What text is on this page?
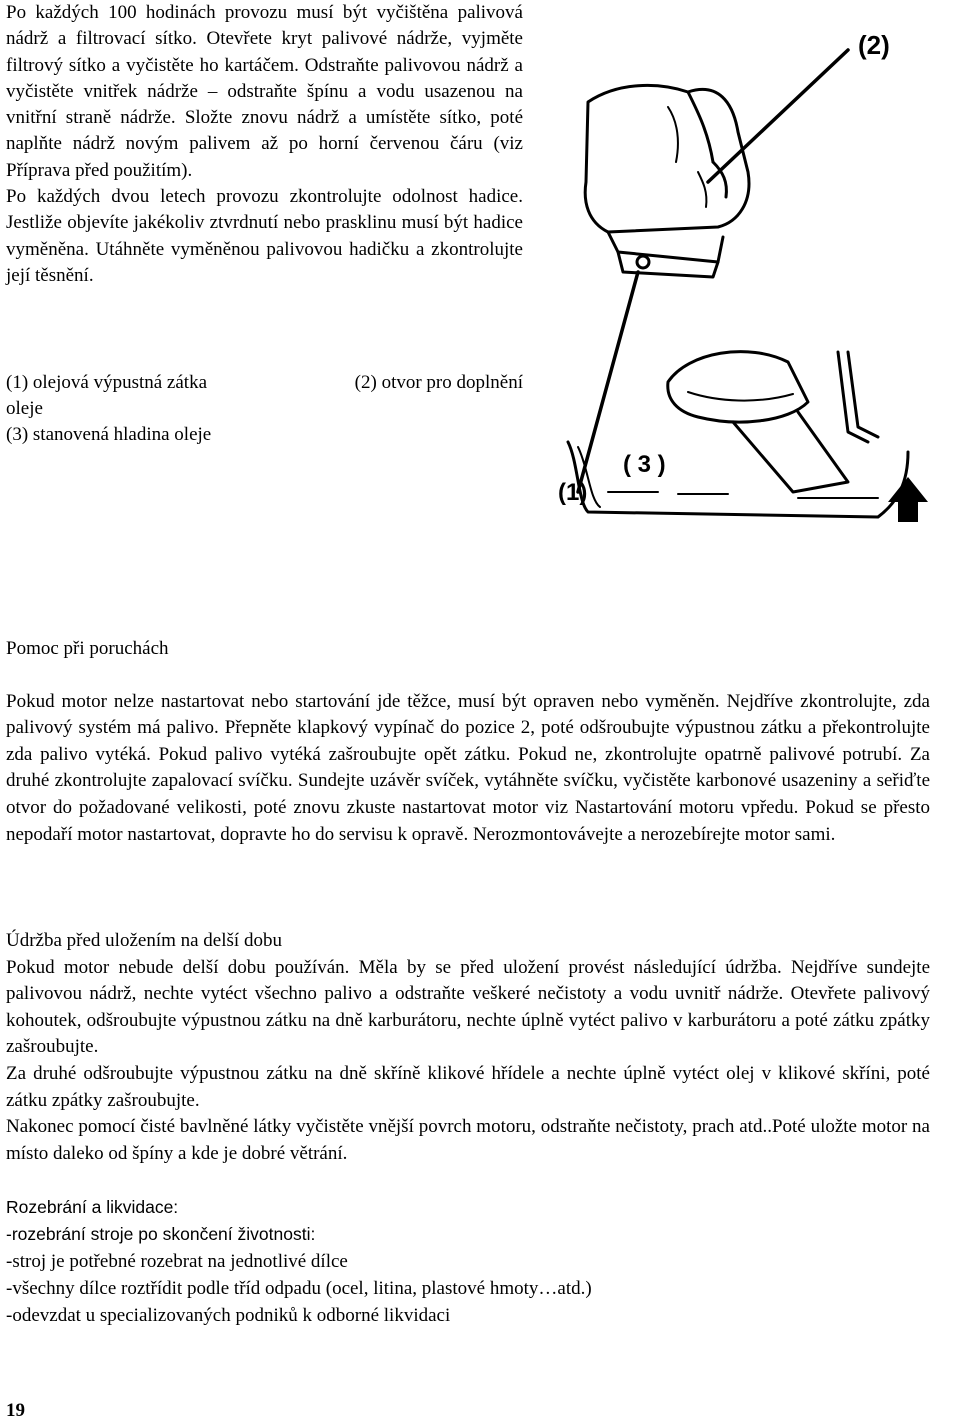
Po každých 100 hodinách provozu musí být vyčištěna palivová nádrž a filtrovací sítko. Otevřete kryt palivové nádrže, vyjměte filtrový sítko a vyčistěte ho kartáčem. Odstraňte palivovou nádrž a vyčistěte vnitřek nádrže – odstraňte špínu a vodu usazenou na vnitřní straně nádrže. Složte znovu nádrž a umístěte sítko, poté naplňte nádrž novým palivem až po horní červenou čáru (viz Příprava před použitím).

Po každých dvou letech provozu zkontrolujte odolnost hadice. Jestliže objevíte jakékoliv ztvrdnutí nebo prasklinu musí být hadice vyměněna. Utáhněte vyměněnou palivovou hadičku a zkontrolujte její těsnění.

(1) olejová výpustná zátka	(2) otvor pro doplnění
oleje
(3) stanovená hladina oleje
(2)
( 3 )
(1)

Pomoc při poruchách

Pokud motor nelze nastartovat nebo startování jde těžce, musí být opraven nebo vyměněn. Nejdříve zkontrolujte, zda palivový systém má palivo. Přepněte klapkový vypínač do pozice 2, poté odšroubujte výpustnou zátku a překontrolujte zda palivo vytéká. Pokud palivo vytéká zašroubujte opět zátku. Pokud ne, zkontrolujte opatrně palivové potrubí. Za druhé zkontrolujte zapalovací svíčku. Sundejte uzávěr svíček, vytáhněte svíčku, vyčistěte karbonové usazeniny a seřiďte otvor do požadované velikosti, poté znovu zkuste nastartovat motor viz Nastartování motoru vpředu. Pokud se přesto nepodaří motor nastartovat, dopravte ho do servisu k opravě. Nerozmontovávejte a nerozebírejte motor sami.

Údržba před uložením na delší dobu

Pokud motor nebude delší dobu používán. Měla by se před uložení provést následující údržba. Nejdříve sundejte palivovou nádrž, nechte vytéct všechno palivo a odstraňte veškeré nečistoty a vodu uvnitř nádrže. Otevřete palivový kohoutek, odšroubujte výpustnou zátku na dně karburátoru, nechte úplně vytéct palivo v karburátoru a poté zátku zpátky zašroubujte.

Za druhé odšroubujte výpustnou zátku na dně skříně klikové hřídele a nechte úplně vytéct olej v klikové skříni, poté zátku zpátky zašroubujte.

Nakonec pomocí čisté bavlněné látky vyčistěte vnější povrch motoru, odstraňte nečistoty, prach atd..Poté uložte motor na místo daleko od špíny a kde je dobré větrání.

Rozebrání a likvidace:

-rozebrání stroje po skončení životnosti:

-stroj je potřebné rozebrat na jednotlivé dílce

-všechny dílce roztřídit podle tříd odpadu (ocel, litina, plastové hmoty…atd.)

-odevzdat u specializovaných podniků k odborné likvidaci

19
